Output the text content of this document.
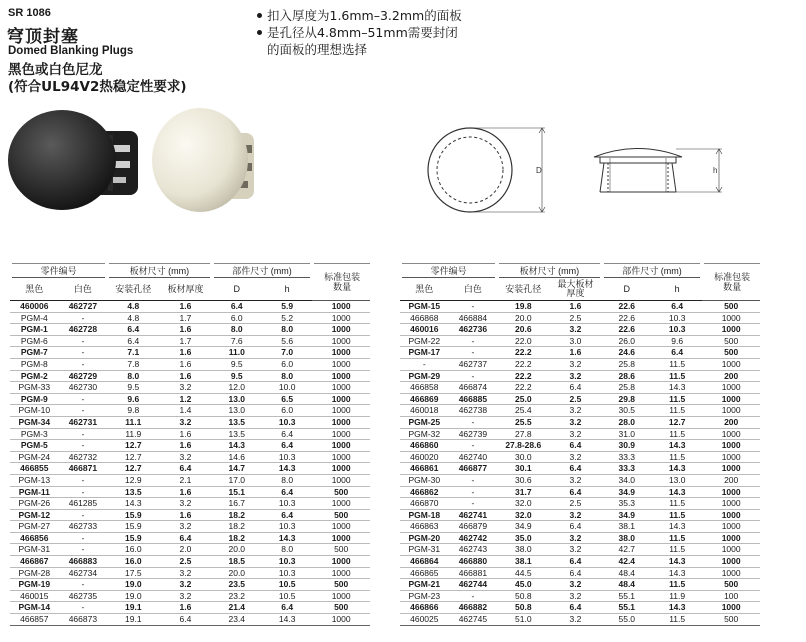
SR 1086
穹顶封塞
Domed Blanking Plugs
黑色或白色尼龙
(符合UL94V2热稳定性要求)
扣入厚度为1.6mm–3.2mm的面板
是孔径从4.8mm–51mm需要封闭
的面板的理想选择
D	h
零件编号		板材尺寸 (mm)		部件尺寸 (mm)		标准包装数量
黑色	白色	安装孔径	板材厚度	D	h	
460006	462727	4.8	1.6	6.4	5.9	1000
PGM-4	-	4.8	1.7	6.0	5.2	1000
PGM-1	462728	6.4	1.6	8.0	8.0	1000
PGM-6	-	6.4	1.7	7.6	5.6	1000
PGM-7	-	7.1	1.6	11.0	7.0	1000
PGM-8	-	7.8	1.6	9.5	6.0	1000
PGM-2	462729	8.0	1.6	9.5	8.0	1000
PGM-33	462730	9.5	3.2	12.0	10.0	1000
PGM-9	-	9.6	1.2	13.0	6.5	1000
PGM-10	-	9.8	1.4	13.0	6.0	1000
PGM-34	462731	11.1	3.2	13.5	10.3	1000
PGM-3	-	11.9	1.6	13.5	6.4	1000
PGM-5	-	12.7	1.6	14.3	6.4	1000
PGM-24	462732	12.7	3.2	14.6	10.3	1000
466855	466871	12.7	6.4	14.7	14.3	1000
PGM-13	-	12.9	2.1	17.0	8.0	1000
PGM-11	-	13.5	1.6	15.1	6.4	500
PGM-26	461285	14.3	3.2	16.7	10.3	1000
PGM-12	-	15.9	1.6	18.2	6.4	500
PGM-27	462733	15.9	3.2	18.2	10.3	1000
466856	-	15.9	6.4	18.2	14.3	1000
PGM-31	-	16.0	2.0	20.0	8.0	500
466867	466883	16.0	2.5	18.5	10.3	1000
PGM-28	462734	17.5	3.2	20.0	10.3	1000
PGM-19	-	19.0	3.2	23.5	10.5	500
460015	462735	19.0	3.2	23.2	10.5	1000
PGM-14	-	19.1	1.6	21.4	6.4	500
466857	466873	19.1	6.4	23.4	14.3	1000
零件编号		板材尺寸 (mm)		部件尺寸 (mm)		标准包装数量
黑色	白色	安装孔径	最大板材厚度	D	h	
PGM-15	-	19.8	1.6	22.6	6.4	500
466868	466884	20.0	2.5	22.6	10.3	1000
460016	462736	20.6	3.2	22.6	10.3	1000
PGM-22	-	22.0	3.0	26.0	9.6	500
PGM-17	-	22.2	1.6	24.6	6.4	500
-	462737	22.2	3.2	25.8	11.5	1000
PGM-29	-	22.2	3.2	28.6	11.5	200
466858	466874	22.2	6.4	25.8	14.3	1000
466869	466885	25.0	2.5	29.8	11.5	1000
460018	462738	25.4	3.2	30.5	11.5	1000
PGM-25	-	25.5	3.2	28.0	12.7	200
PGM-32	462739	27.8	3.2	31.0	11.5	1000
466860	-	27.8-28.6	6.4	30.9	14.3	1000
460020	462740	30.0	3.2	33.3	11.5	1000
466861	466877	30.1	6.4	33.3	14.3	1000
PGM-30	-	30.6	3.2	34.0	13.0	200
466862	-	31.7	6.4	34.9	14.3	1000
466870	-	32.0	2.5	35.3	11.5	1000
PGM-18	462741	32.0	3.2	34.9	11.5	1000
466863	466879	34.9	6.4	38.1	14.3	1000
PGM-20	462742	35.0	3.2	38.0	11.5	1000
PGM-31	462743	38.0	3.2	42.7	11.5	1000
466864	466880	38.1	6.4	42.4	14.3	1000
466865	466881	44.5	6.4	48.4	14.3	1000
PGM-21	462744	45.0	3.2	48.4	11.5	500
PGM-23	-	50.8	3.2	55.1	11.9	100
466866	466882	50.8	6.4	55.1	14.3	1000
460025	462745	51.0	3.2	55.0	11.5	500
